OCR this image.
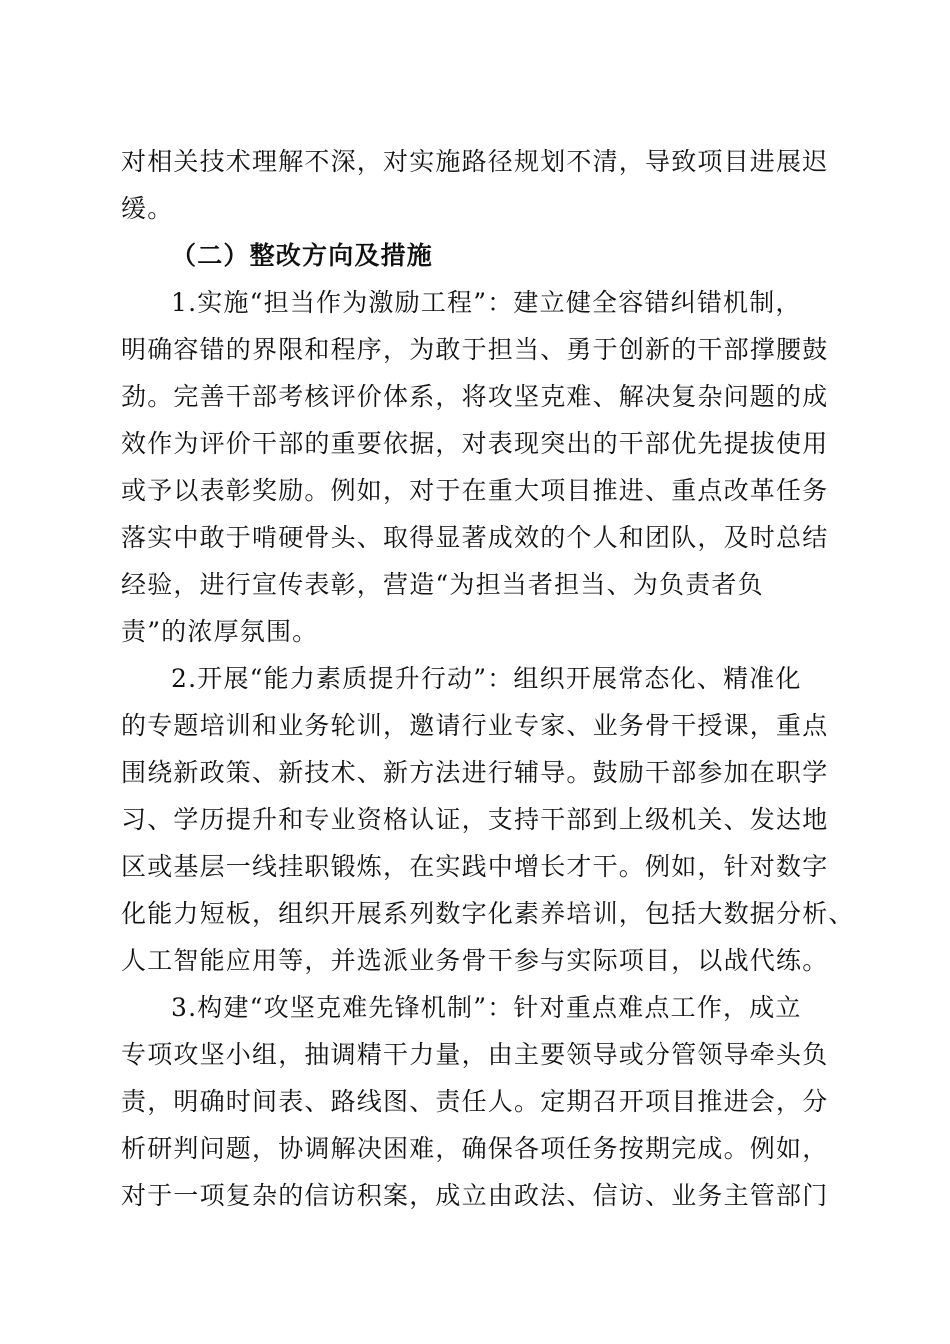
对相关技术理解不深，对实施路径规划不清，导致项目进展迟

缓。

（二）整改方向及措施

1.实施“担当作为激励工程”：建立健全容错纠错机制，

明确容错的界限和程序，为敢于担当、勇于创新的干部撑腰鼓

劲。完善干部考核评价体系，将攻坚克难、解决复杂问题的成

效作为评价干部的重要依据，对表现突出的干部优先提拔使用

或予以表彰奖励。例如，对于在重大项目推进、重点改革任务

落实中敢于啃硬骨头、取得显著成效的个人和团队，及时总结

经验，进行宣传表彰，营造“为担当者担当、为负责者负

责”的浓厚氛围。

2.开展“能力素质提升行动”：组织开展常态化、精准化

的专题培训和业务轮训，邀请行业专家、业务骨干授课，重点

围绕新政策、新技术、新方法进行辅导。鼓励干部参加在职学

习、学历提升和专业资格认证，支持干部到上级机关、发达地

区或基层一线挂职锻炼，在实践中增长才干。例如，针对数字

化能力短板，组织开展系列数字化素养培训，包括大数据分析、

人工智能应用等，并选派业务骨干参与实际项目，以战代练。

3.构建“攻坚克难先锋机制”：针对重点难点工作，成立

专项攻坚小组，抽调精干力量，由主要领导或分管领导牵头负

责，明确时间表、路线图、责任人。定期召开项目推进会，分

析研判问题，协调解决困难，确保各项任务按期完成。例如，

对于一项复杂的信访积案，成立由政法、信访、业务主管部门
